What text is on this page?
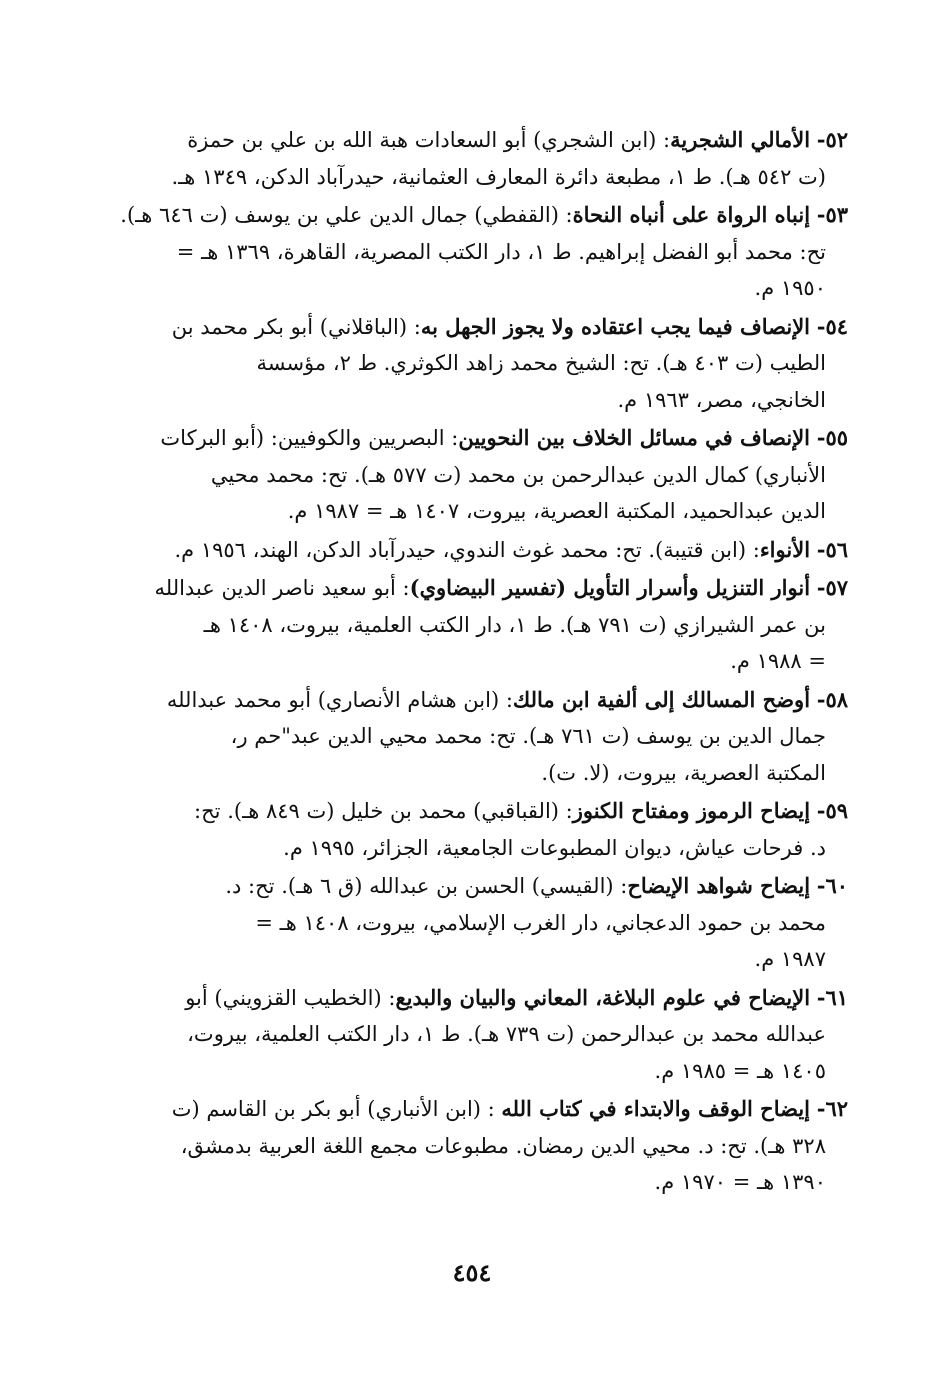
٥٢- الأمالي الشجرية: (ابن الشجري) أبو السعادات هبة الله بن علي بن حمزة
(ت ٥٤٢ هـ). ط ١، مطبعة دائرة المعارف العثمانية، حيدرآباد الدكن، ١٣٤٩ هـ.
٥٣- إنباه الرواة على أنباه النحاة: (القفطي) جمال الدين علي بن يوسف (ت ٦٤٦ هـ).
تح: محمد أبو الفضل إبراهيم. ط ١، دار الكتب المصرية، القاهرة، ١٣٦٩ هـ =
١٩٥٠ م.
٥٤- الإنصاف فيما يجب اعتقاده ولا يجوز الجهل به: (الباقلاني) أبو بكر محمد بن
الطيب (ت ٤٠٣ هـ). تح: الشيخ محمد زاهد الكوثري. ط ٢، مؤسسة
الخانجي، مصر، ١٩٦٣ م.
٥٥- الإنصاف في مسائل الخلاف بين النحويين: البصريين والكوفيين: (أبو البركات
الأنباري) كمال الدين عبدالرحمن بن محمد (ت ٥٧٧ هـ). تح: محمد محيي
الدين عبدالحميد، المكتبة العصرية، بيروت، ١٤٠٧ هـ = ١٩٨٧ م.
٥٦- الأنواء: (ابن قتيبة). تح: محمد غوث الندوي، حيدرآباد الدكن، الهند، ١٩٥٦ م.
٥٧- أنوار التنزيل وأسرار التأويل (تفسير البيضاوي): أبو سعيد ناصر الدين عبدالله
بن عمر الشيرازي (ت ٧٩١ هـ). ط ١، دار الكتب العلمية، بيروت، ١٤٠٨ هـ
= ١٩٨٨ م.
٥٨- أوضح المسالك إلى ألفية ابن مالك: (ابن هشام الأنصاري) أبو محمد عبدالله
جمال الدين بن يوسف (ت ٧٦١ هـ). تح: محمد محيي الدين عبد"حم ر،
المكتبة العصرية، بيروت، (لا. ت).
٥٩- إيضاح الرموز ومفتاح الكنوز: (القباقبي) محمد بن خليل (ت ٨٤٩ هـ). تح:
د. فرحات عياش، ديوان المطبوعات الجامعية، الجزائر، ١٩٩٥ م.
٦٠- إيضاح شواهد الإيضاح: (القيسي) الحسن بن عبدالله (ق ٦ هـ). تح: د.
محمد بن حمود الدعجاني، دار الغرب الإسلامي، بيروت، ١٤٠٨ هـ =
١٩٨٧ م.
٦١- الإيضاح في علوم البلاغة، المعاني والبيان والبديع: (الخطيب القزويني) أبو
عبدالله محمد بن عبدالرحمن (ت ٧٣٩ هـ). ط ١، دار الكتب العلمية، بيروت،
١٤٠٥ هـ = ١٩٨٥ م.
٦٢- إيضاح الوقف والابتداء في كتاب الله : (ابن الأنباري) أبو بكر بن القاسم (ت
٣٢٨ هـ). تح: د. محيي الدين رمضان. مطبوعات مجمع اللغة العربية بدمشق،
١٣٩٠ هـ = ١٩٧٠ م.
٤٥٤
